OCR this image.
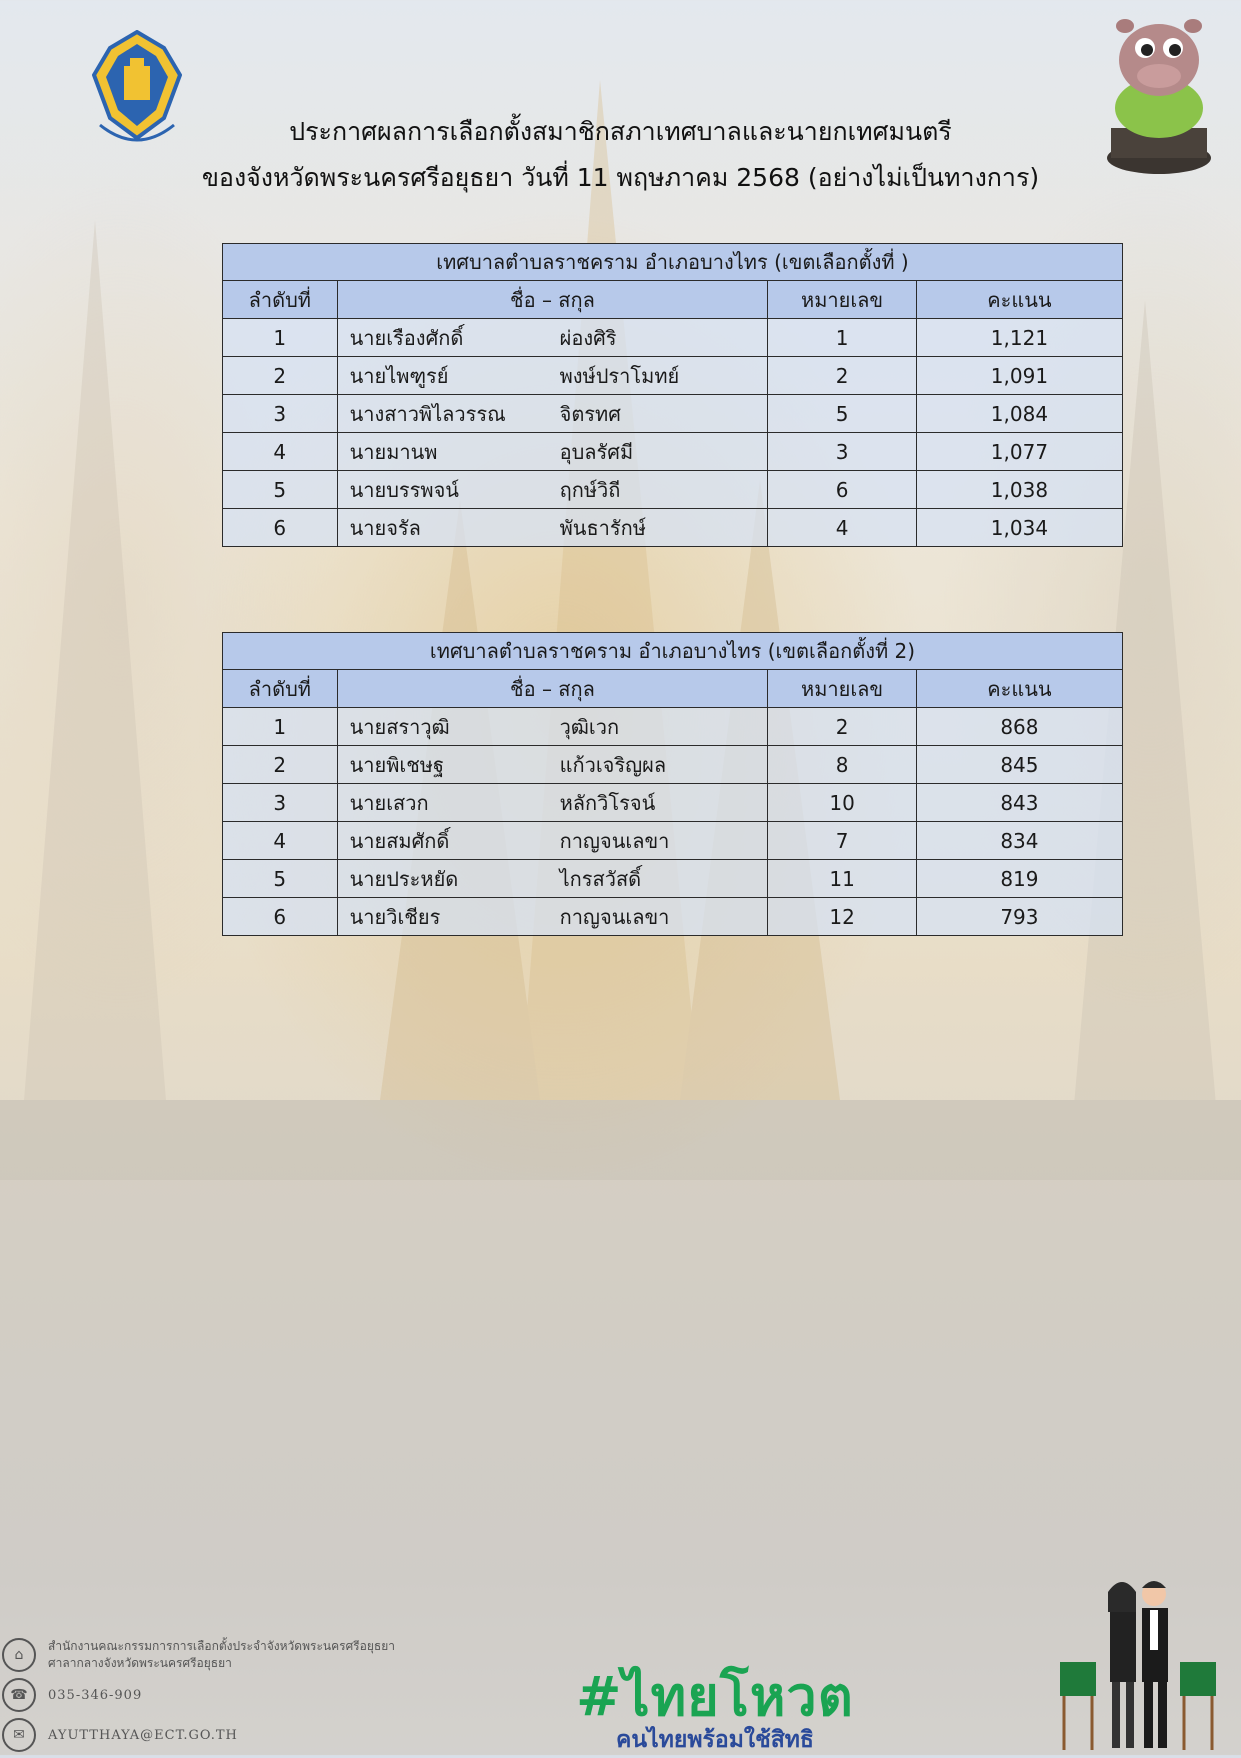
ประกาศผลการเลือกตั้งสมาชิกสภาเทศบาลและนายกเทศมนตรี
ของจังหวัดพระนครศรีอยุธยา วันที่ 11 พฤษภาคม 2568 (อย่างไม่เป็นทางการ)
เทศบาลตำบลราชคราม อำเภอบางไทร (เขตเลือกตั้งที่ )			
ลำดับที่	ชื่อ – สกุล	หมายเลข	คะแนน
1	นายเรืองศักดิ์ ผ่องศิริ	1	1,121
2	นายไพฑูรย์ พงษ์ปราโมทย์	2	1,091
3	นางสาวพิไลวรรณ จิตรทศ	5	1,084
4	นายมานพ อุบลรัศมี	3	1,077
5	นายบรรพจน์ ฤกษ์วิถี	6	1,038
6	นายจรัล พันธารักษ์	4	1,034
เทศบาลตำบลราชคราม อำเภอบางไทร (เขตเลือกตั้งที่ 2)			
ลำดับที่	ชื่อ – สกุล	หมายเลข	คะแนน
1	นายสราวุฒิ วุฒิเวก	2	868
2	นายพิเชษฐ แก้วเจริญผล	8	845
3	นายเสวก หลักวิโรจน์	10	843
4	นายสมศักดิ์ กาญจนเลขา	7	834
5	นายประหยัด ไกรสวัสดิ์	11	819
6	นายวิเชียร กาญจนเลขา	12	793
⌂
สำนักงานคณะกรรมการการเลือกตั้งประจำจังหวัดพระนครศรีอยุธยา
ศาลากลางจังหวัดพระนครศรีอยุธยา
☎	035-346-909
✉	AYUTTHAYA@ECT.GO.TH
#ไทยโหวต
คนไทยพร้อมใช้สิทธิ
